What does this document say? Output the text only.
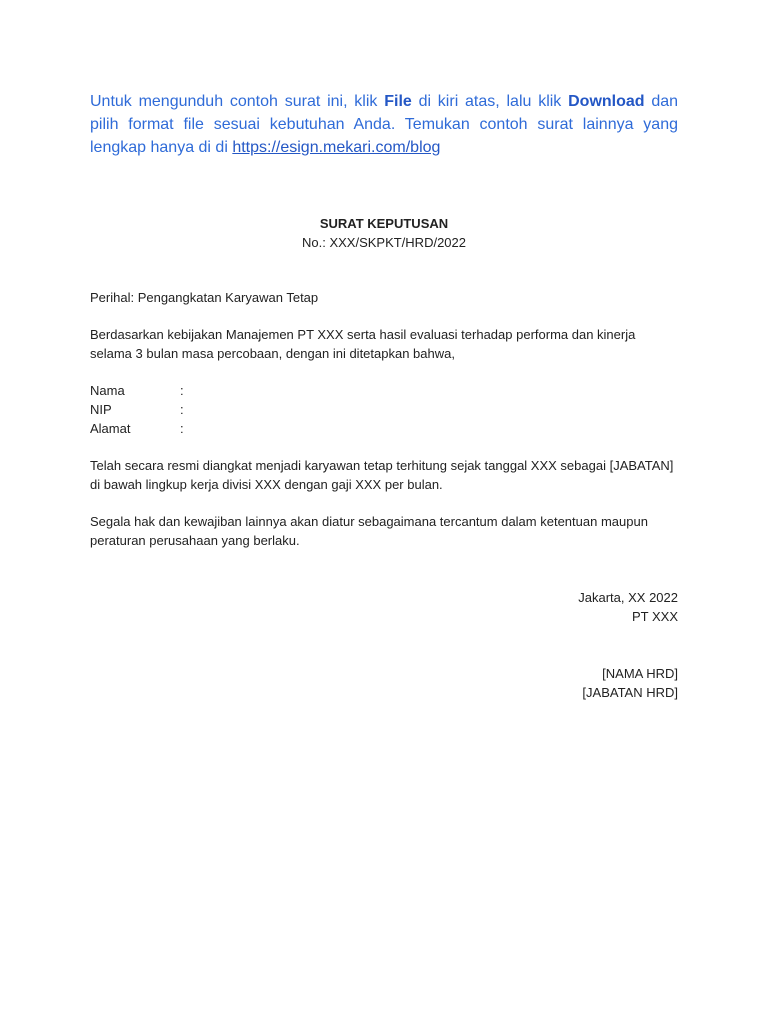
Untuk mengunduh contoh surat ini, klik File di kiri atas, lalu klik Download dan pilih format file sesuai kebutuhan Anda. Temukan contoh surat lainnya yang lengkap hanya di di https://esign.mekari.com/blog

SURAT KEPUTUSAN

No.: XXX/SKPKT/HRD/2022

Perihal: Pengangkatan Karyawan Tetap
Berdasarkan kebijakan Manajemen PT XXX serta hasil evaluasi terhadap performa dan kinerja selama 3 bulan masa percobaan, dengan ini ditetapkan bahwa,
Nama	:
NIP	:
Alamat	:
Telah secara resmi diangkat menjadi karyawan tetap terhitung sejak tanggal XXX sebagai [JABATAN] di bawah lingkup kerja divisi XXX dengan gaji XXX per bulan.
Segala hak dan kewajiban lainnya akan diatur sebagaimana tercantum dalam ketentuan maupun peraturan perusahaan yang berlaku.
Jakarta, XX 2022
PT XXX
[NAMA HRD]
[JABATAN HRD]
